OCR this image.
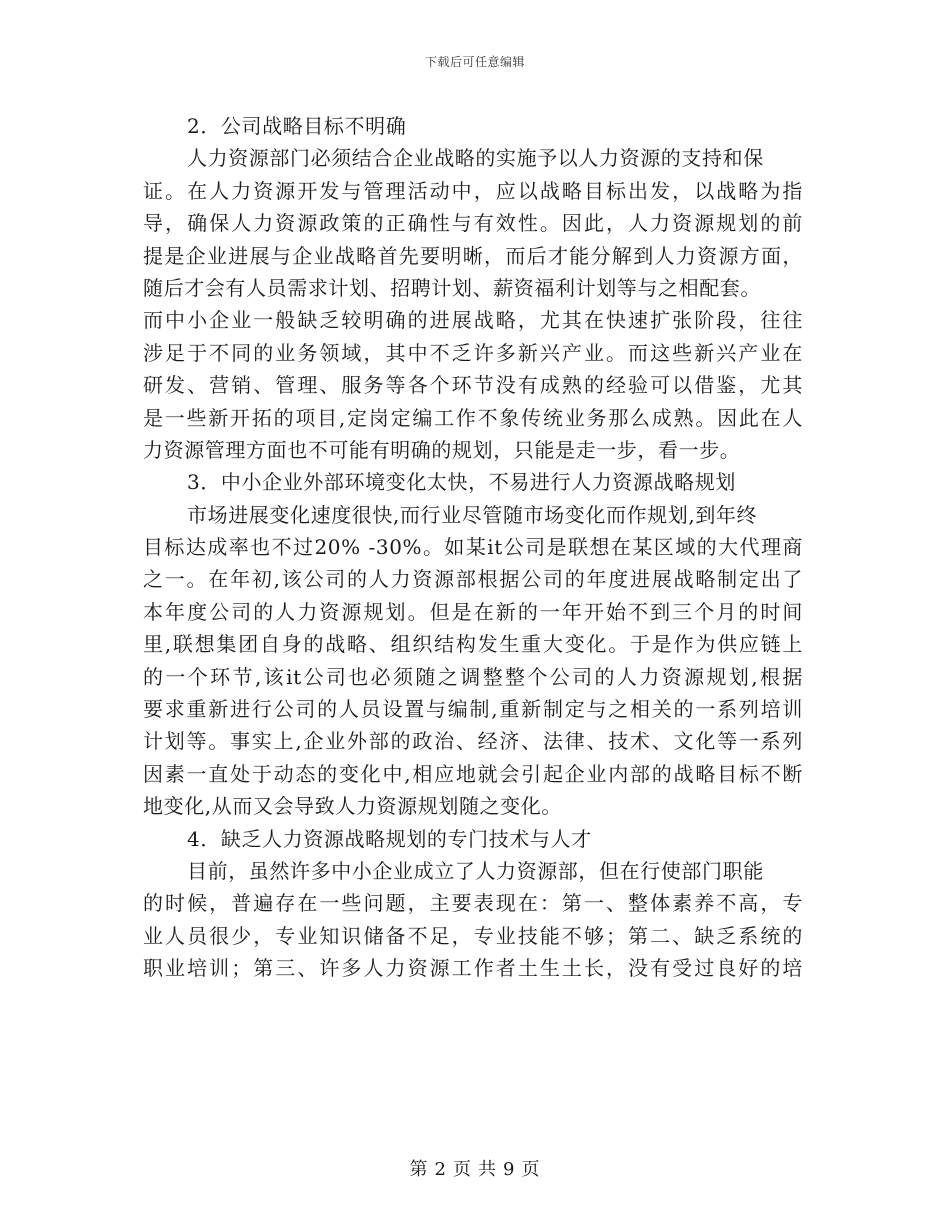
下载后可任意编辑
2．公司战略目标不明确
人力资源部门必须结合企业战略的实施予以人力资源的支持和保
证。在人力资源开发与管理活动中，应以战略目标出发，以战略为指
导，确保人力资源政策的正确性与有效性。因此，人力资源规划的前
提是企业进展与企业战略首先要明晰，而后才能分解到人力资源方面，
随后才会有人员需求计划、招聘计划、薪资福利计划等与之相配套。
而中小企业一般缺乏较明确的进展战略，尤其在快速扩张阶段，往往
涉足于不同的业务领域，其中不乏许多新兴产业。而这些新兴产业在
研发、营销、管理、服务等各个环节没有成熟的经验可以借鉴，尤其
是一些新开拓的项目,定岗定编工作不象传统业务那么成熟。因此在人
力资源管理方面也不可能有明确的规划，只能是走一步，看一步。
3．中小企业外部环境变化太快，不易进行人力资源战略规划
市场进展变化速度很快,而行业尽管随市场变化而作规划,到年终
目标达成率也不过20% -30%。如某it公司是联想在某区域的大代理商
之一。在年初,该公司的人力资源部根据公司的年度进展战略制定出了
本年度公司的人力资源规划。但是在新的一年开始不到三个月的时间
里,联想集团自身的战略、组织结构发生重大变化。于是作为供应链上
的一个环节,该it公司也必须随之调整整个公司的人力资源规划,根据
要求重新进行公司的人员设置与编制,重新制定与之相关的一系列培训
计划等。事实上,企业外部的政治、经济、法律、技术、文化等一系列
因素一直处于动态的变化中,相应地就会引起企业内部的战略目标不断
地变化,从而又会导致人力资源规划随之变化。
4．缺乏人力资源战略规划的专门技术与人才
目前，虽然许多中小企业成立了人力资源部，但在行使部门职能
的时候，普遍存在一些问题，主要表现在：第一、整体素养不高，专
业人员很少，专业知识储备不足，专业技能不够；第二、缺乏系统的
职业培训；第三、许多人力资源工作者土生土长，没有受过良好的培
第 2 页 共 9 页
